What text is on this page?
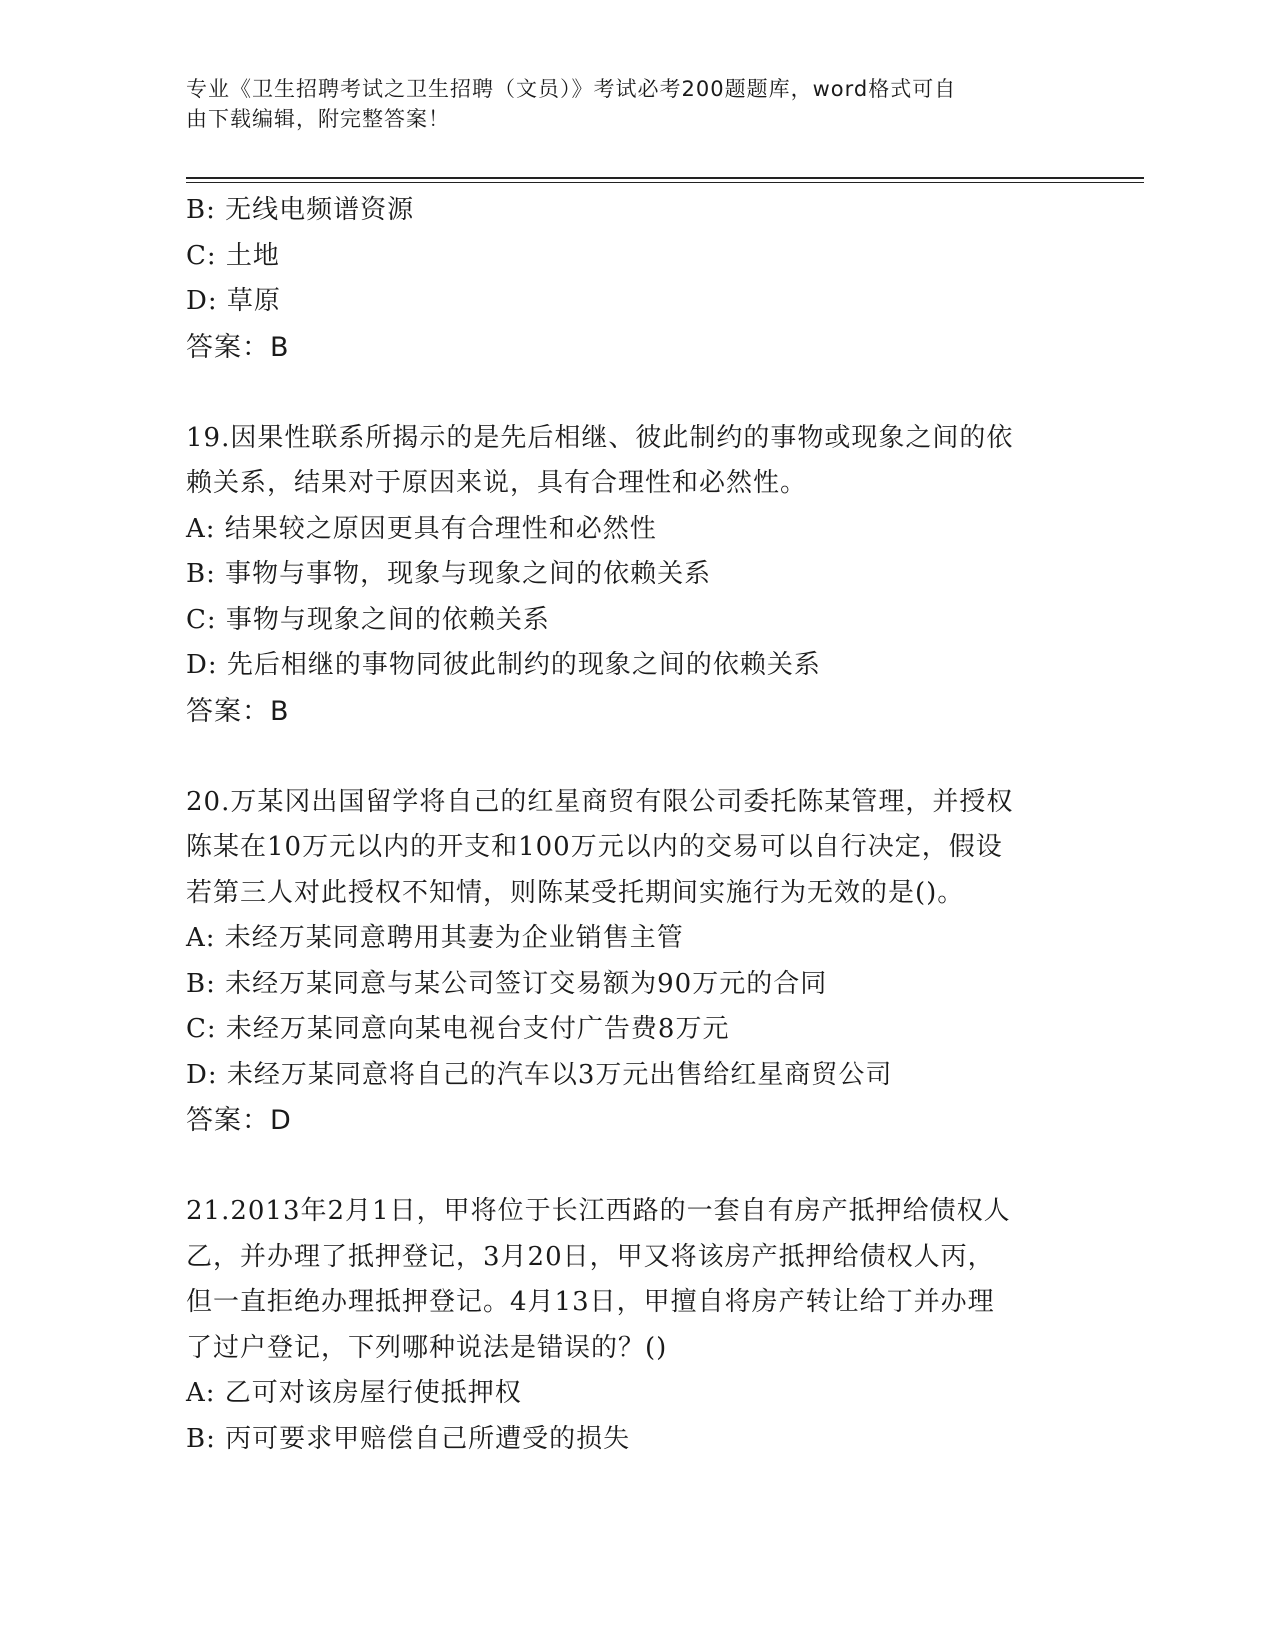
专业《卫生招聘考试之卫生招聘（文员）》考试必考200题题库，word格式可自
由下载编辑，附完整答案！
B: 无线电频谱资源
C: 土地
D: 草原
答案：B
19.因果性联系所揭示的是先后相继、彼此制约的事物或现象之间的依
赖关系，结果对于原因来说，具有合理性和必然性。
A: 结果较之原因更具有合理性和必然性
B: 事物与事物，现象与现象之间的依赖关系
C: 事物与现象之间的依赖关系
D: 先后相继的事物同彼此制约的现象之间的依赖关系
答案：B
20.万某冈出国留学将自己的红星商贸有限公司委托陈某管理，并授权
陈某在10万元以内的开支和100万元以内的交易可以自行决定，假设
若第三人对此授权不知情，则陈某受托期间实施行为无效的是()。
A: 未经万某同意聘用其妻为企业销售主管
B: 未经万某同意与某公司签订交易额为90万元的合同
C: 未经万某同意向某电视台支付广告费8万元
D: 未经万某同意将自己的汽车以3万元出售给红星商贸公司
答案：D
21.2013年2月1日，甲将位于长江西路的一套自有房产抵押给债权人
乙，并办理了抵押登记，3月20日，甲又将该房产抵押给债权人丙，
但一直拒绝办理抵押登记。4月13日，甲擅自将房产转让给丁并办理
了过户登记，下列哪种说法是错误的？()
A: 乙可对该房屋行使抵押权
B: 丙可要求甲赔偿自己所遭受的损失
